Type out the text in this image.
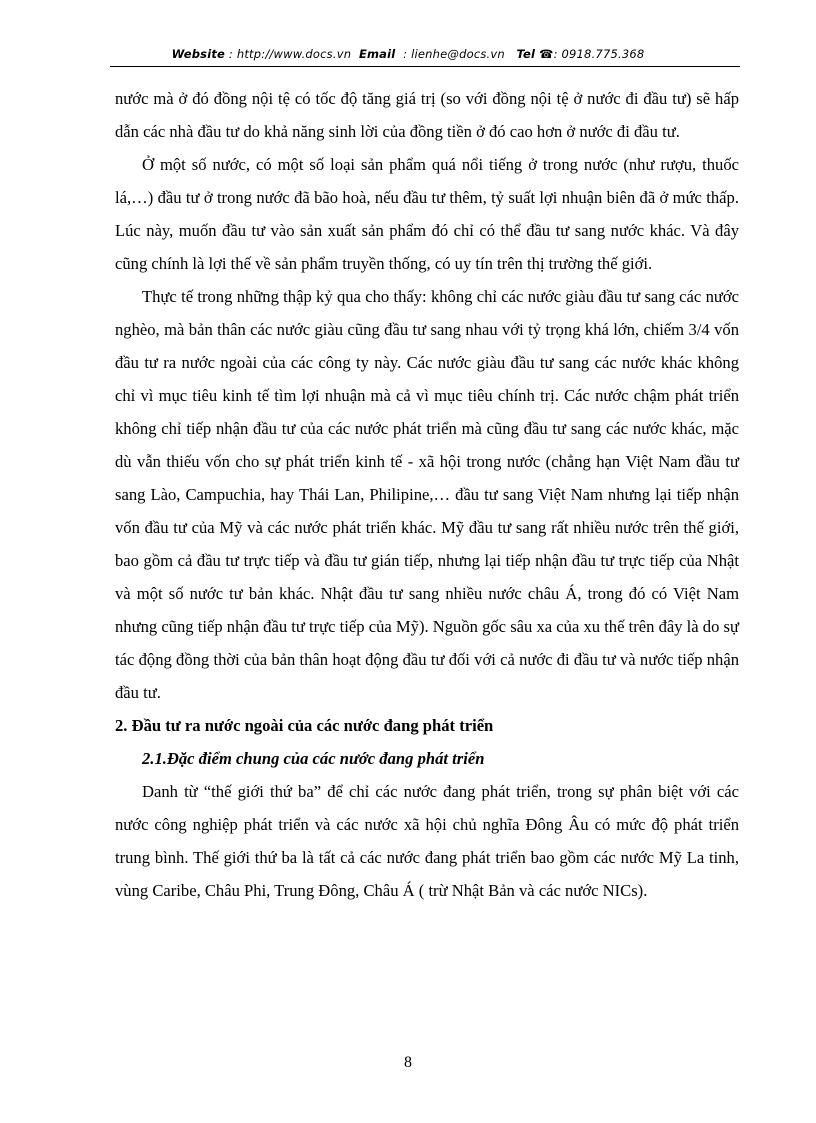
Website : http://www.docs.vn Email : lienhe@docs.vn Tel ☎: 0918.775.368

nước mà ở đó đồng nội tệ có tốc độ tăng giá trị (so với đồng nội tệ ở nước đi đầu tư) sẽ hấp dẫn các nhà đầu tư do khả năng sinh lời của đồng tiền ở đó cao hơn ở nước đi đầu tư.

Ở một số nước, có một số loại sản phẩm quá nổi tiếng ở trong nước (như rượu, thuốc lá,…) đầu tư ở trong nước đã bão hoà, nếu đầu tư thêm, tỷ suất lợi nhuận biên đã ở mức thấp. Lúc này, muốn đầu tư vào sản xuất sản phẩm đó chỉ có thể đầu tư sang nước khác. Và đây cũng chính là lợi thế về sản phẩm truyền thống, có uy tín trên thị trường thế giới.

Thực tế trong những thập kỷ qua cho thấy: không chỉ các nước giàu đầu tư sang các nước nghèo, mà bản thân các nước giàu cũng đầu tư sang nhau với tỷ trọng khá lớn, chiếm 3/4 vốn đầu tư ra nước ngoài của các công ty này. Các nước giàu đầu tư sang các nước khác không chỉ vì mục tiêu kinh tế tìm lợi nhuận mà cả vì mục tiêu chính trị. Các nước chậm phát triển không chỉ tiếp nhận đầu tư của các nước phát triển mà cũng đầu tư sang các nước khác, mặc dù vẫn thiếu vốn cho sự phát triển kinh tế - xã hội trong nước (chẳng hạn Việt Nam đầu tư sang Lào, Campuchia, hay Thái Lan, Philipine,… đầu tư sang Việt Nam nhưng lại tiếp nhận vốn đầu tư của Mỹ và các nước phát triển khác. Mỹ đầu tư sang rất nhiều nước trên thế giới, bao gồm cả đầu tư trực tiếp và đầu tư gián tiếp, nhưng lại tiếp nhận đầu tư trực tiếp của Nhật và một số nước tư bản khác. Nhật đầu tư sang nhiều nước châu Á, trong đó có Việt Nam nhưng cũng tiếp nhận đầu tư trực tiếp của Mỹ). Nguồn gốc sâu xa của xu thế trên đây là do sự tác động đồng thời của bản thân hoạt động đầu tư đối với cả nước đi đầu tư và nước tiếp nhận đầu tư.

2. Đầu tư ra nước ngoài của các nước đang phát triển

2.1.Đặc điểm chung của các nước đang phát triển

Danh từ “thế giới thứ ba” để chỉ các nước đang phát triển, trong sự phân biệt với các nước công nghiệp phát triển và các nước xã hội chủ nghĩa Đông Âu có mức độ phát triển trung bình. Thế giới thứ ba là tất cả các nước đang phát triển bao gồm các nước Mỹ La tinh, vùng Caribe, Châu Phi, Trung Đông, Châu Á ( trừ Nhật Bản và các nước NICs).

8
